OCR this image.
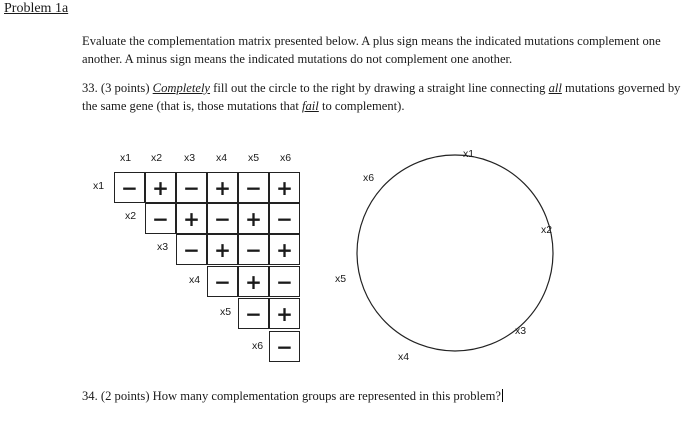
Problem 1a
Evaluate the complementation matrix presented below. A plus sign means the indicated mutations complement one another. A minus sign means the indicated mutations do not complement one another.
33. (3 points) Completely fill out the circle to the right by drawing a straight line connecting all mutations governed by the same gene (that is, those mutations that fail to complement).
x1 x2 x3 x4 x5 x6
x1
x2
x3
x4
x5
x6
− + − + − +
− + − + −
− + − +
− + −
− +
−
x1
x2
x3
x4
x5
x6
34. (2 points) How many complementation groups are represented in this problem?
